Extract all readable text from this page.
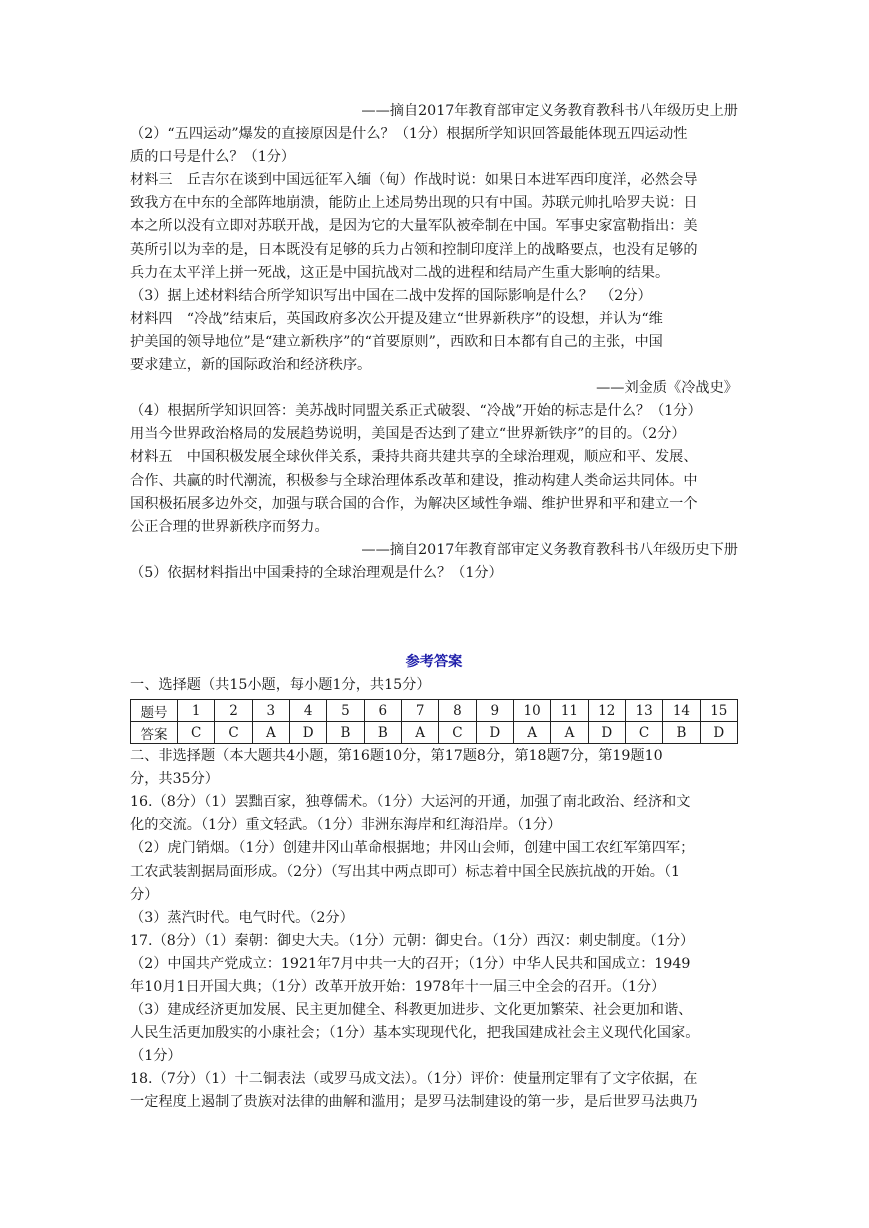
——摘自2017年教育部审定义务教育教科书八年级历史上册
（2）“五四运动”爆发的直接原因是什么？（1分）根据所学知识回答最能体现五四运动性
质的口号是什么？（1分）
材料三　丘吉尔在谈到中国远征军入缅（甸）作战时说：如果日本进军西印度洋，必然会导
致我方在中东的全部阵地崩溃，能防止上述局势出现的只有中国。苏联元帅扎哈罗夫说：日
本之所以没有立即对苏联开战，是因为它的大量军队被牵制在中国。军事史家富勒指出：美
英所引以为幸的是，日本既没有足够的兵力占领和控制印度洋上的战略要点，也没有足够的
兵力在太平洋上拼一死战，这正是中国抗战对二战的进程和结局产生重大影响的结果。
（3）据上述材料结合所学知识写出中国在二战中发挥的国际影响是什么？　（2分）
材料四　“冷战”结束后，英国政府多次公开提及建立“世界新秩序”的设想，并认为“维
护美国的领导地位”是“建立新秩序”的“首要原则”，西欧和日本都有自己的主张，中国
要求建立，新的国际政治和经济秩序。
——刘金质《冷战史》
（4）根据所学知识回答：美苏战时同盟关系正式破裂、“冷战”开始的标志是什么？（1分）
用当今世界政治格局的发展趋势说明，美国是否达到了建立“世界新铁序”的目的。（2分）
材料五　中国积极发展全球伙伴关系，秉持共商共建共享的全球治理观，顺应和平、发展、
合作、共赢的时代潮流，积极参与全球治理体系改革和建设，推动构建人类命运共同体。中
国积极拓展多边外交，加强与联合国的合作，为解决区域性争端、维护世界和平和建立一个
公正合理的世界新秩序而努力。
——摘自2017年教育部审定义务教育教科书八年级历史下册
（5）依据材料指出中国秉持的全球治理观是什么？（1分）
参考答案
一、选择题（共15小题，每小题1分，共15分）
题号	1	2	3	4	5	6	7	8	9	10	11	12	13	14	15
答案	C	C	A	D	B	B	A	C	D	A	A	D	C	B	D
二、非选择题（本大题共4小题，第16题10分，第17题8分，第18题7分，第19题10
分，共35分）
16.（8分）（1）罢黜百家，独尊儒术。（1分）大运河的开通，加强了南北政治、经济和文
化的交流。（1分）重文轻武。（1分）非洲东海岸和红海沿岸。（1分）
（2）虎门销烟。（1分）创建井冈山革命根据地；井冈山会师，创建中国工农红军第四军；
工农武装割据局面形成。（2分）（写出其中两点即可）标志着中国全民族抗战的开始。（1
分）
（3）蒸汽时代。电气时代。（2分）
17.（8分）（1）秦朝：御史大夫。（1分）元朝：御史台。（1分）西汉：刺史制度。（1分）
（2）中国共产党成立：1921年7月中共一大的召开；（1分）中华人民共和国成立：1949
年10月1日开国大典；（1分）改革开放开始：1978年十一届三中全会的召开。（1分）
（3）建成经济更加发展、民主更加健全、科教更加进步、文化更加繁荣、社会更加和谐、
人民生活更加殷实的小康社会；（1分）基本实现现代化，把我国建成社会主义现代化国家。
（1分）
18.（7分）（1）十二铜表法（或罗马成文法）。（1分）评价：使量刑定罪有了文字依据，在
一定程度上遏制了贵族对法律的曲解和滥用；是罗马法制建设的第一步，是后世罗马法典乃
